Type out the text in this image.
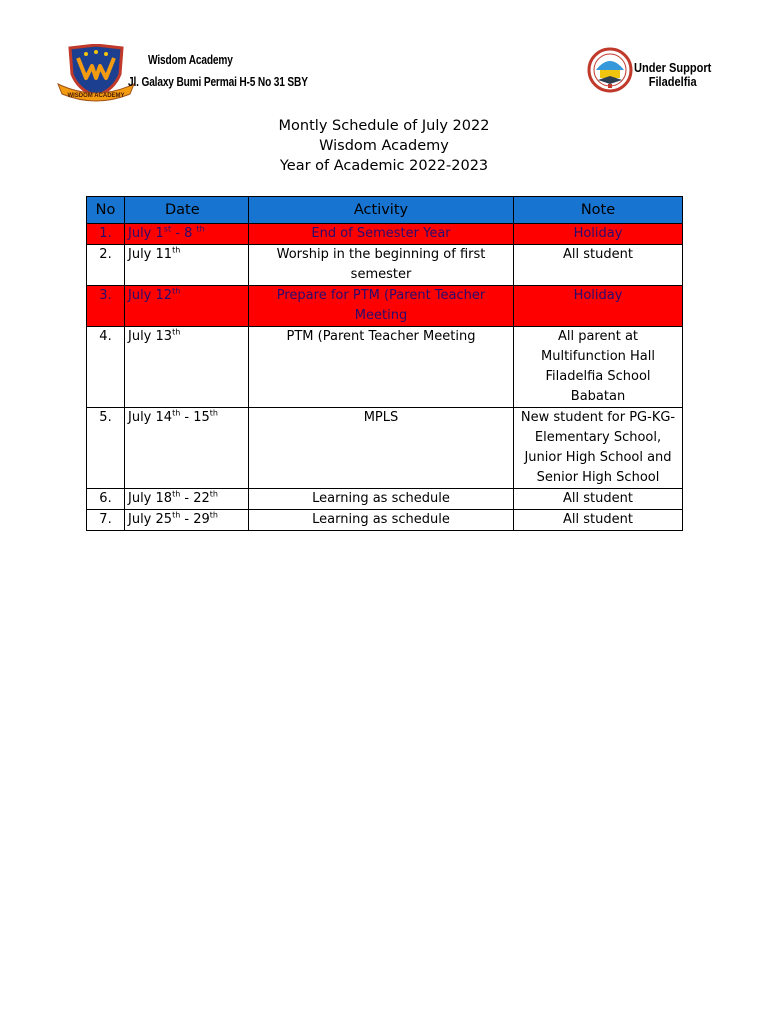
WISDOM ACADEMY
Wisdom Academy
Jl. Galaxy Bumi Permai H-5 No 31 SBY
Under Support
Filadelfia
Montly Schedule of July 2022
Wisdom Academy
Year of Academic 2022-2023
No	Date	Activity	Note
1.	July 1st - 8 $^{th}$	End of Semester Year	Holiday
2.	July 11th	Worship in the beginning of first semester	All student
3.	July 12th	Prepare for PTM (Parent Teacher Meeting	Holiday
4.	July 13th	PTM (Parent Teacher Meeting	All parent at Multifunction Hall Filadelfia School Babatan
5.	July 14th - 15th	MPLS	New student for PG-KG-Elementary School, Junior High School and Senior High School
6.	July 18th - 22th	Learning as schedule	All student
7.	July 25th - 29th	Learning as schedule	All student
